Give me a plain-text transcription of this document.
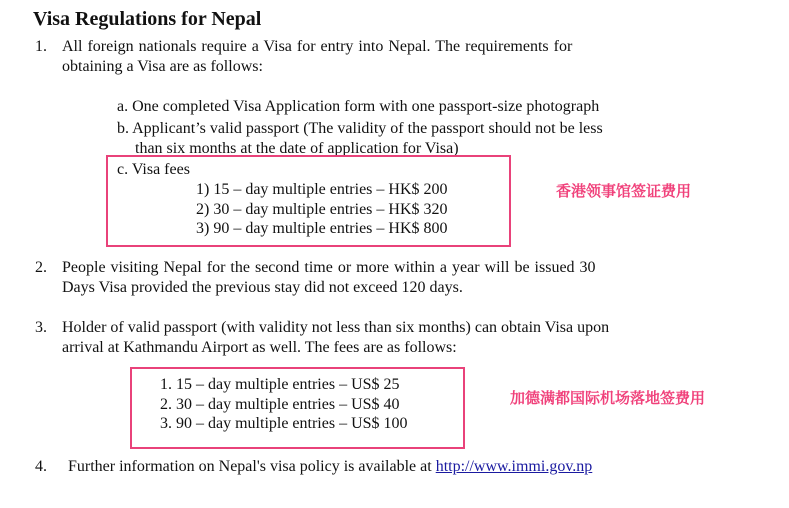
Visa Regulations for Nepal
1. All foreign nationals require a Visa for entry into Nepal. The requirements for
obtaining a Visa are as follows:
a. One completed Visa Application form with one passport-size photograph
b. Applicant’s valid passport (The validity of the passport should not be less
than six months at the date of application for Visa)
c. Visa fees
1) 15 – day multiple entries – HK$ 200
2) 30 – day multiple entries – HK$ 320
3) 90 – day multiple entries – HK$ 800
香港领事馆签证费用
2. People visiting Nepal for the second time or more within a year will be issued 30
Days Visa provided the previous stay did not exceed 120 days.
3. Holder of valid passport (with validity not less than six months) can obtain Visa upon
arrival at Kathmandu Airport as well. The fees are as follows:
1. 15 – day multiple entries – US$ 25
2. 30 – day multiple entries – US$ 40
3. 90 – day multiple entries – US$ 100
加德满都国际机场落地签费用
4. Further information on Nepal's visa policy is available at http://www.immi.gov.np
